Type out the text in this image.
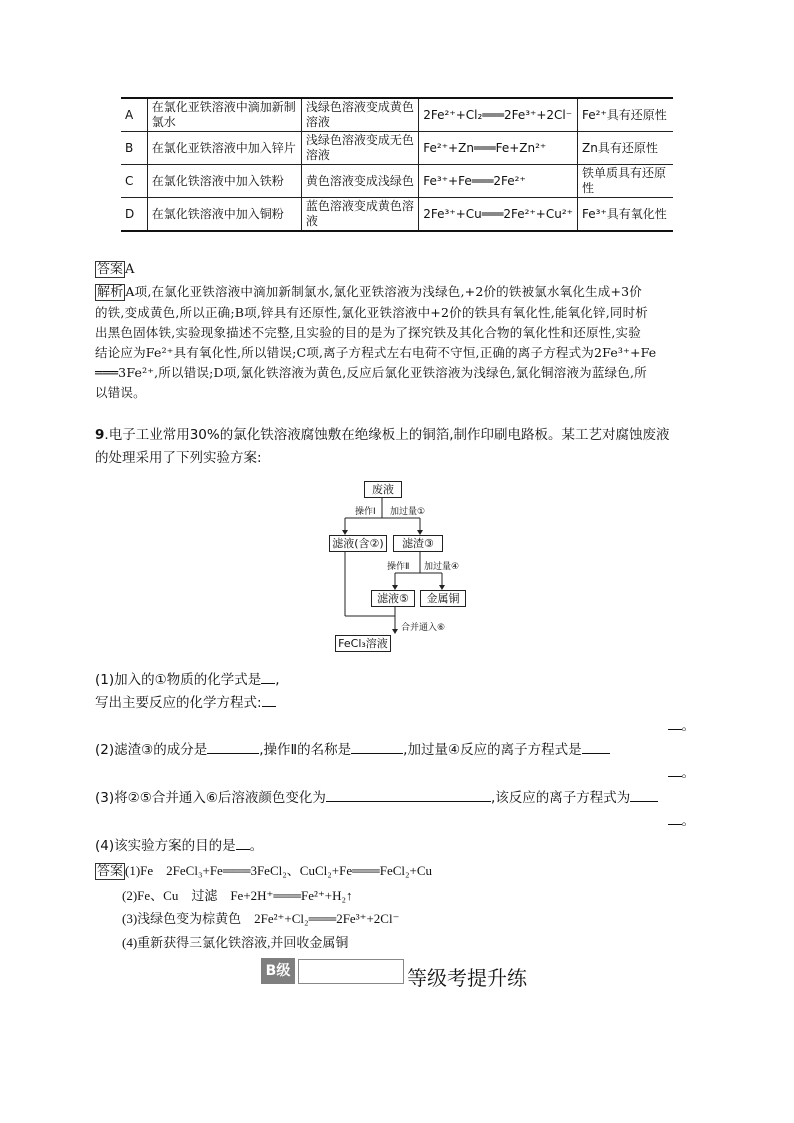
A	在氯化亚铁溶液中滴加新制氯水	浅绿色溶液变成黄色溶液	2Fe²⁺+Cl₂═══2Fe³⁺+2Cl⁻	Fe²⁺具有还原性
B	在氯化亚铁溶液中加入锌片	浅绿色溶液变成无色溶液	Fe²⁺+Zn═══Fe+Zn²⁺	Zn具有还原性
C	在氯化铁溶液中加入铁粉	黄色溶液变成浅绿色	Fe³⁺+Fe═══2Fe²⁺	铁单质具有还原性
D	在氯化铁溶液中加入铜粉	蓝色溶液变成黄色溶液	2Fe³⁺+Cu═══2Fe²⁺+Cu²⁺	Fe³⁺具有氧化性
答案 A
解析 A项,在氯化亚铁溶液中滴加新制氯水,氯化亚铁溶液为浅绿色,+2价的铁被氯水氧化生成+3价
的铁,变成黄色,所以正确;B项,锌具有还原性,氯化亚铁溶液中+2价的铁具有氧化性,能氧化锌,同时析
出黑色固体铁,实验现象描述不完整,且实验的目的是为了探究铁及其化合物的氧化性和还原性,实验
结论应为Fe²⁺具有氧化性,所以错误;C项,离子方程式左右电荷不守恒,正确的离子方程式为2Fe³⁺+Fe
═══3Fe²⁺,所以错误;D项,氯化铁溶液为黄色,反应后氯化亚铁溶液为浅绿色,氯化铜溶液为蓝绿色,所
以错误。
9.电子工业常用30%的氯化铁溶液腐蚀敷在绝缘板上的铜箔,制作印刷电路板。某工艺对腐蚀废液
的处理采用了下列实验方案:
废液
操作Ⅰ 加过量①
滤液(含②)	滤渣③
操作Ⅱ 加过量④
滤液⑤	金属铜
合并通入⑥
FeCl₃溶液
(1)加入的①物质的化学式是 ,
写出主要反应的化学方程式:
。
(2)滤渣③的成分是	,操作Ⅱ的名称是	,加过量④反应的离子方程式是
。
(3)将②⑤合并通入⑥后溶液颜色变化为	,该反应的离子方程式为
。
(4)该实验方案的目的是 。
答案 (1)Fe　2FeCl₃+Fe═══3FeCl₂、CuCl₂+Fe═══FeCl₂+Cu
(2)Fe、Cu　过滤　Fe+2H⁺═══Fe²⁺+H₂↑
(3)浅绿色变为棕黄色　2Fe²⁺+Cl₂═══2Fe³⁺+2Cl⁻
(4)重新获得三氯化铁溶液,并回收金属铜
B级	等级考提升练
